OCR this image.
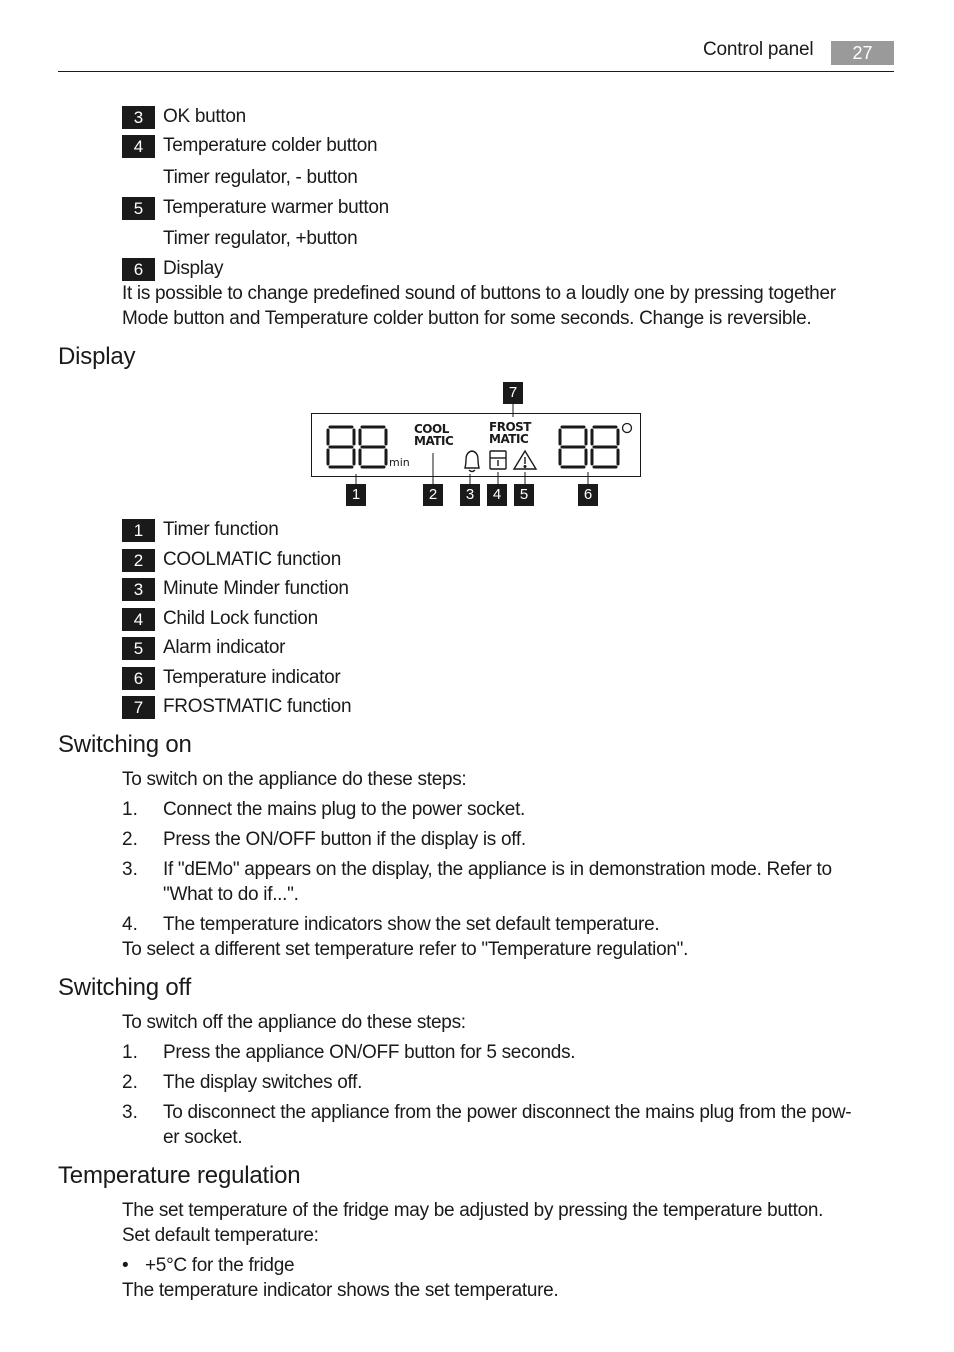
Control panel	27
3	OK button
4	Temperature colder button
Timer regulator, - button
5	Temperature warmer button
Timer regulator, +button
6	Display
It is possible to change predefined sound of buttons to a loudly one by pressing together
Mode button and Temperature colder button for some seconds. Change is reversible.
Display
COOL
MATIC
FROST
MATIC
min
1	2	3	4	5	6
7
1	Timer function
2	COOLMATIC function
3	Minute Minder function
4	Child Lock function
5	Alarm indicator
6	Temperature indicator
7	FROSTMATIC function
Switching on
To switch on the appliance do these steps:
1. Connect the mains plug to the power socket.
2. Press the ON/OFF button if the display is off.
3. If "dEMo" appears on the display, the appliance is in demonstration mode. Refer to
"What to do if...".
4. The temperature indicators show the set default temperature.
To select a different set temperature refer to "Temperature regulation".
Switching off
To switch off the appliance do these steps:
1. Press the appliance ON/OFF button for 5 seconds.
2. The display switches off.
3. To disconnect the appliance from the power disconnect the mains plug from the pow-
er socket.
Temperature regulation
The set temperature of the fridge may be adjusted by pressing the temperature button.
Set default temperature:
• +5°C for the fridge
The temperature indicator shows the set temperature.
